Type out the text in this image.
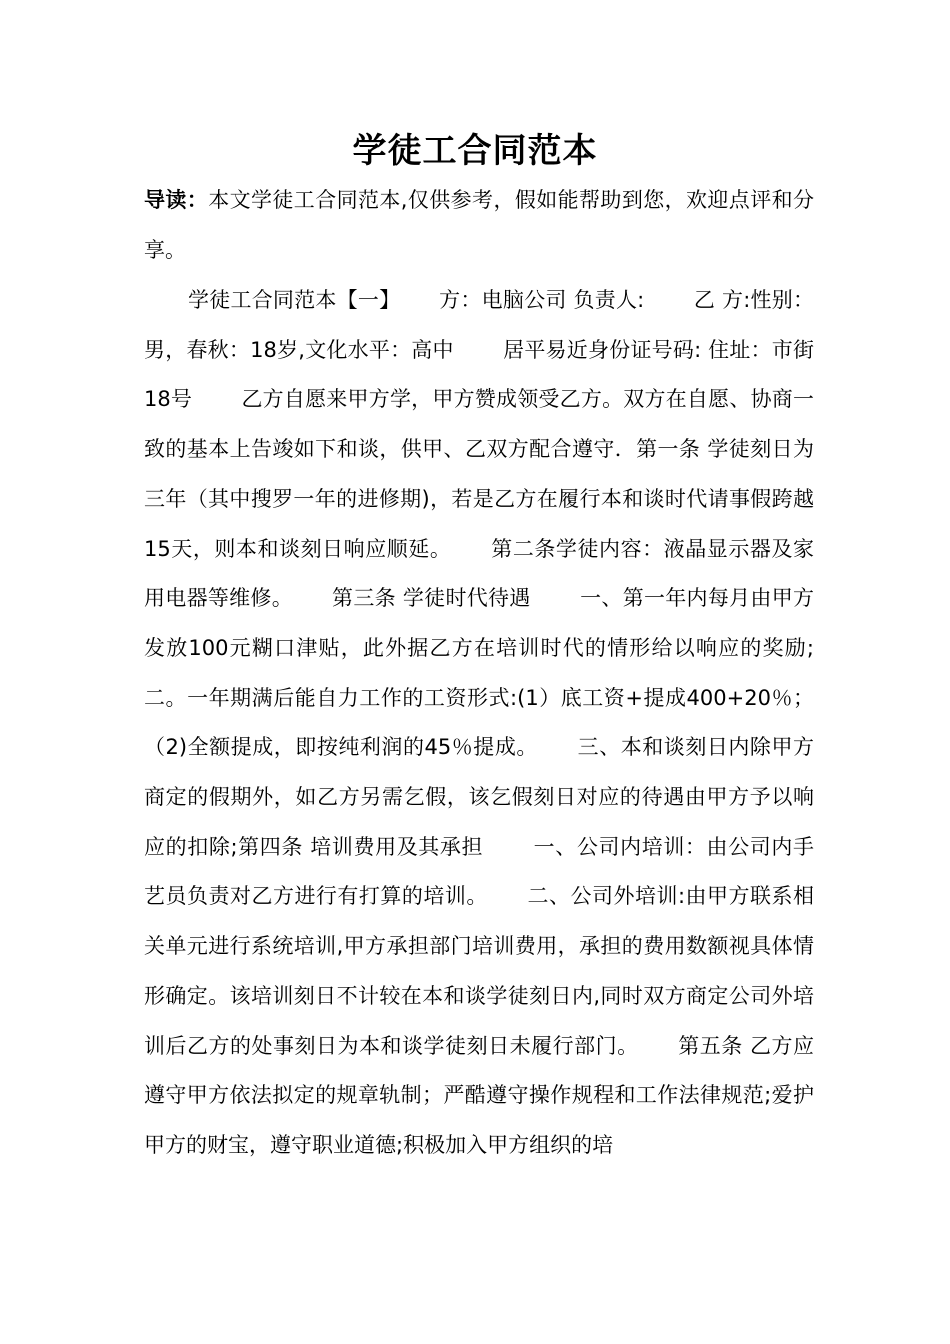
学徒工合同范本

导读：本文学徒工合同范本,仅供参考，假如能帮助到您，欢迎点评和分享。

学徒工合同范本【一】　　 方：电脑公司 负责人:　　 乙 方:性别：男，春秋：18岁,文化水平：高中　　 居平易近身份证号码: 住址：市街18号　　 乙方自愿来甲方学，甲方赞成领受乙方。双方在自愿、协商一致的基本上告竣如下和谈，供甲、乙双方配合遵守．第一条 学徒刻日为三年（其中搜罗一年的进修期)，若是乙方在履行本和谈时代请事假跨越15天，则本和谈刻日响应顺延。　　 第二条学徒内容：液晶显示器及家用电器等维修。　　 第三条 学徒时代待遇　　 一、第一年内每月由甲方发放100元糊口津贴，此外据乙方在培训时代的情形给以响应的奖励;　　 二。一年期满后能自力工作的工资形式:(1）底工资+提成400+20％；（2)全额提成，即按纯利润的45％提成。　　 三、本和谈刻日内除甲方商定的假期外，如乙方另需乞假，该乞假刻日对应的待遇由甲方予以响应的扣除;第四条 培训费用及其承担　　 一、公司内培训：由公司内手艺员负责对乙方进行有打算的培训。　　 二、公司外培训:由甲方联系相关单元进行系统培训,甲方承担部门培训费用，承担的费用数额视具体情形确定。该培训刻日不计较在本和谈学徒刻日内,同时双方商定公司外培训后乙方的处事刻日为本和谈学徒刻日未履行部门。　　 第五条 乙方应遵守甲方依法拟定的规章轨制；严酷遵守操作规程和工作法律规范;爱护甲方的财宝，遵守职业道德;积极加入甲方组织的培
